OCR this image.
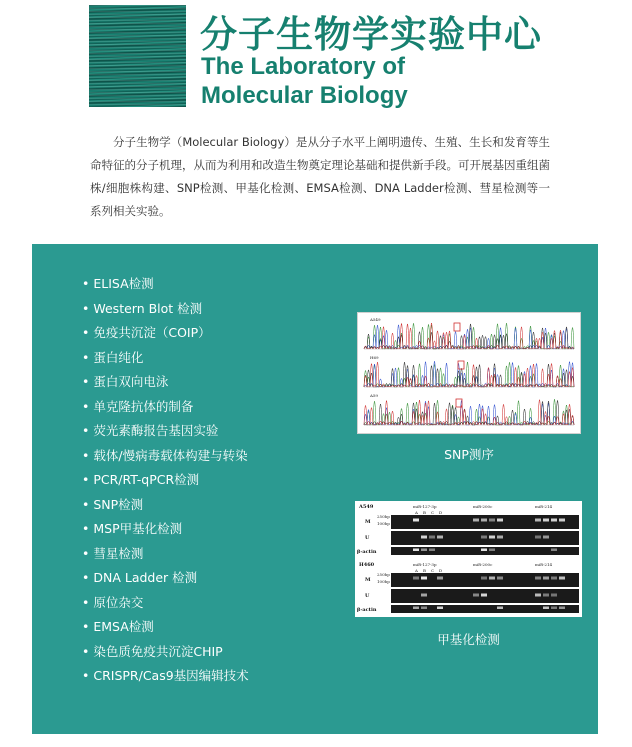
分子生物学实验中心
The Laboratory of
Molecular Biology

分子生物学（Molecular Biology）是从分子水平上阐明遗传、生殖、生长和发育等生命特征的分子机理，从而为利用和改造生物奠定理论基础和提供新手段。可开展基因重组菌株/细胞株构建、SNP检测、甲基化检测、EMSA检测、DNA Ladder检测、彗星检测等一系列相关实验。

• ELISA检测
• Western Blot 检测
• 免疫共沉淀（COIP）
• 蛋白纯化
• 蛋白双向电泳
• 单克隆抗体的制备
• 荧光素酶报告基因实验
• 载体/慢病毒载体构建与转染
• PCR/RT-qPCR检测
• SNP检测
• MSP甲基化检测
• 彗星检测
• DNA Ladder 检测
• 原位杂交
• EMSA检测
• 染色质免疫共沉淀CHIP
• CRISPR/Cas9基因编辑技术
A549
H69
A59
SNP测序
A549	miR-127-3p	miR-200c	miR-214
A B C D
M
U
β-actin
250bp
100bp
H460	miR-127-3p	miR-200c	miR-214
A B C D
M
U
β-actin
250bp
100bp
甲基化检测
